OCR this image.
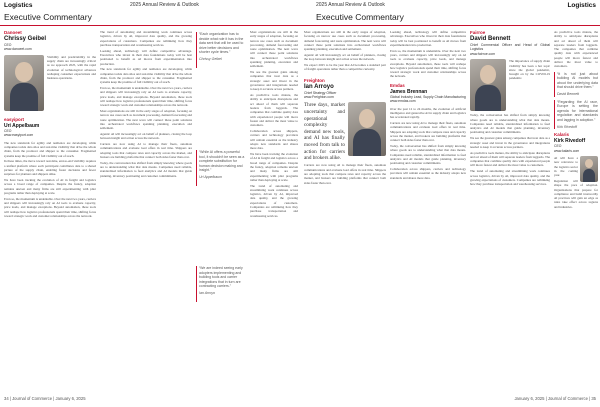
Logistics	2025 Annual Review & Outlook
Executive Commentary
Danoeet
Chrissy Geibel
CEO
www.danoeet.com

Visibility and predictability in the supply chain are increasingly critical as we approach 2025, with the rapid evolution of technological advances reshaping consumer expectations and business operations.

easyiport
Uri Appelbaum
CEO
www.easyiport.com

The new standards for agility and resilience are developing, while companies tackle data silos and real-time visibility that drive the whole chain, from the producer and shipper to the consumer. Fragmented systems keep the promise of full visibility out of reach.

In these times, the move toward real-time, end-to-end visibility requires a unified platform where each participant contributes data to a shared picture of the supply chain, enabling faster decisions and fewer surprises for planners and shippers alike.

We have been tracking the evolution of AI in freight and logistics across a broad range of companies. Despite the frenzy, adoption remains uneven and many firms are still experimenting with pilot programs rather than deploying at scale.

Even so, the momentum is undeniable. Over the next two years, carriers and shippers will increasingly rely on AI tools to evaluate capacity, price loads, and manage exceptions. Beyond automation, these tools will reshape how logistics professionals spend their time, shifting focus toward strategic work and customer relationships across the network.

The trend of automating and streamlining work continues across logistics, driven by AI, improved data quality, and the growing expectations of customers. Companies are rethinking how they purchase transportation and warehousing services.

Looking ahead, technology will define competitive advantage. Executives who invest in their data foundations today will be best positioned to benefit as AI moves from experimentation into production.

The new standards for agility and resilience are developing, while companies tackle data silos and real-time visibility that drive the whole chain, from the producer and shipper to the consumer. Fragmented systems keep the promise of full visibility out of reach.

Even so, the momentum is undeniable. Over the next two years, carriers and shippers will increasingly rely on AI tools to evaluate capacity, price loads, and manage exceptions. Beyond automation, these tools will reshape how logistics professionals spend their time, shifting focus toward strategic work and customer relationships across the network.

Most organizations are still in the early stages of adoption, focusing on narrow use cases such as document processing, demand forecasting and route optimization. The next wave will connect these point solutions into orchestrated workflows spanning planning, execution and settlement.

Agentic AI will increasingly act on behalf of planners, closing the loop between insight and action across the network.

Carriers are now using AI to manage their fleets, automate communications and evaluate load offers in real time. Shippers are adopting tools that compare rates and capacity across the market, and brokers are building platforms that connect both sides faster than ever.

Today, the conversation has shifted from simply knowing where goods are to understanding what that data means. Companies need reliable, standardized information to feed analytics and AI models that guide planning, inventory positioning and customer commitments.

“Each organization has to decide what role it has in the data sent that will be used to drive better decisions and shorter cycle times.”
Chrissy Geibel
“While AI offers a powerful tool, it shouldn’t be seen as a complete substitution for human decision making and insight.”
Uri Appelbaum
“We are indeed seeing early adopters implementing and building tools and carrier integrations that in turn are contracting carriers.”
Ian Arroyo

Most organizations are still in the early stages of adoption, focusing on narrow use cases such as document processing, demand forecasting and route optimization. The next wave will connect these point solutions into orchestrated workflows spanning planning, execution and settlement.

We see the greatest gains among companies that treat data as a strategic asset and invest in the governance and integrations needed to keep it accurate across partners.

As predictive tools mature, the ability to anticipate disruptions and act ahead of them will separate leaders from laggards. The companies that combine quality data with experienced people will move fastest and deliver the most value to customers.

Collaboration across shippers, carriers and technology providers will remain essential as the industry adopts new standards and shares more data.

We have been tracking the evolution of AI in freight and logistics across a broad range of companies. Despite the frenzy, adoption remains uneven and many firms are still experimenting with pilot programs rather than deploying at scale.

The trend of automating and streamlining work continues across logistics, driven by AI, improved data quality, and the growing expectations of customers. Companies are rethinking how they purchase transportation and warehousing services.

34 | Journal of Commerce | January 6, 2025
2025 Annual Review & Outlook	Logistics
Executive Commentary

Most organizations are still in the early stages of adoption, focusing on narrow use cases such as document processing, demand forecasting and route optimization. The next wave will connect these point solutions into orchestrated workflows spanning planning, execution and settlement.

Agentic AI will increasingly act on behalf of planners, closing the loop between insight and action across the network.

We expect 2025 to be the year that AI becomes a standard part of freight operations rather than a competitive curiosity.

Freighton
Ian Arroyo
Chief Strategy Officer
www.Freighton.com

Three days, market uncertainty and operational complexity demand new tools, and AI has finally moved from talk to action for carriers and brokers alike.

Carriers are now using AI to manage their fleets, automate communications and evaluate load offers in real time. Shippers are adopting tools that compare rates and capacity across the market, and brokers are building platforms that connect both sides faster than ever.

Looking ahead, technology will define competitive advantage. Executives who invest in their data foundations today will be best positioned to benefit as AI moves from experimentation into production.

Even so, the momentum is undeniable. Over the next two years, carriers and shippers will increasingly rely on AI tools to evaluate capacity, price loads, and manage exceptions. Beyond automation, these tools will reshape how logistics professionals spend their time, shifting focus toward strategic work and customer relationships across the network.

Emdas
James Brennan
Global Industry Lead, Supply Chain Manufacturing
www.emdas.com

Over the past 12 to 24 months, the evolution of artificial intelligence and generative AI in supply chain and logistics has accelerated rapidly.

Carriers are now using AI to manage their fleets, automate communications and evaluate load offers in real time. Shippers are adopting tools that compare rates and capacity across the market, and brokers are building platforms that connect both sides faster than ever.

Today, the conversation has shifted from simply knowing where goods are to understanding what that data means. Companies need reliable, standardized information to feed analytics and AI models that guide planning, inventory positioning and customer commitments.

Collaboration across shippers, carriers and technology providers will remain essential as the industry adopts new standards and shares more data.

Fairroe
David Bennett
Chief Commercial Officer and Head of Global Logistics
www.fairroe.com

The importance of supply chain visibility has been a hot topic since the global pandemic, brought on by the COVID-19 pandemic.

Today, the conversation has shifted from simply knowing where goods are to understanding what that data means. Companies need reliable, standardized information to feed analytics and AI models that guide planning, inventory positioning and customer commitments.

We see the greatest gains among companies that treat data as a strategic asset and invest in the governance and integrations needed to keep it accurate across partners.

As predictive tools mature, the ability to anticipate disruptions and act ahead of them will separate leaders from laggards. The companies that combine quality data with experienced people will move fastest and deliver the most value to customers.

The trend of automating and streamlining work continues across logistics, driven by AI, improved data quality, and the growing expectations of customers. Companies are rethinking how they purchase transportation and warehousing services.

As predictive tools mature, the ability to anticipate disruptions and act ahead of them will separate leaders from laggards. The companies that combine quality data with experienced people will move fastest and deliver the most value to customers.

“It is not just about building AI models but about the underlying data that should drive them.”
David Bennett
“Regarding the AI race, Europe is setting the agenda for international regulation and standards and lagging in adoption.”
Kirk Rivedoff
Kalaris
Kirk Rivedoff
CEO
www.kalaris.com

AI will have a new relevance to the logistics sector in the coming year.

Regulation will shape the pace of adoption. Organizations that prepare for compliance and build trustworthy AI practices will gain an edge as rules take effect across regions and industries.

January 6, 2025 | Journal of Commerce | 35
